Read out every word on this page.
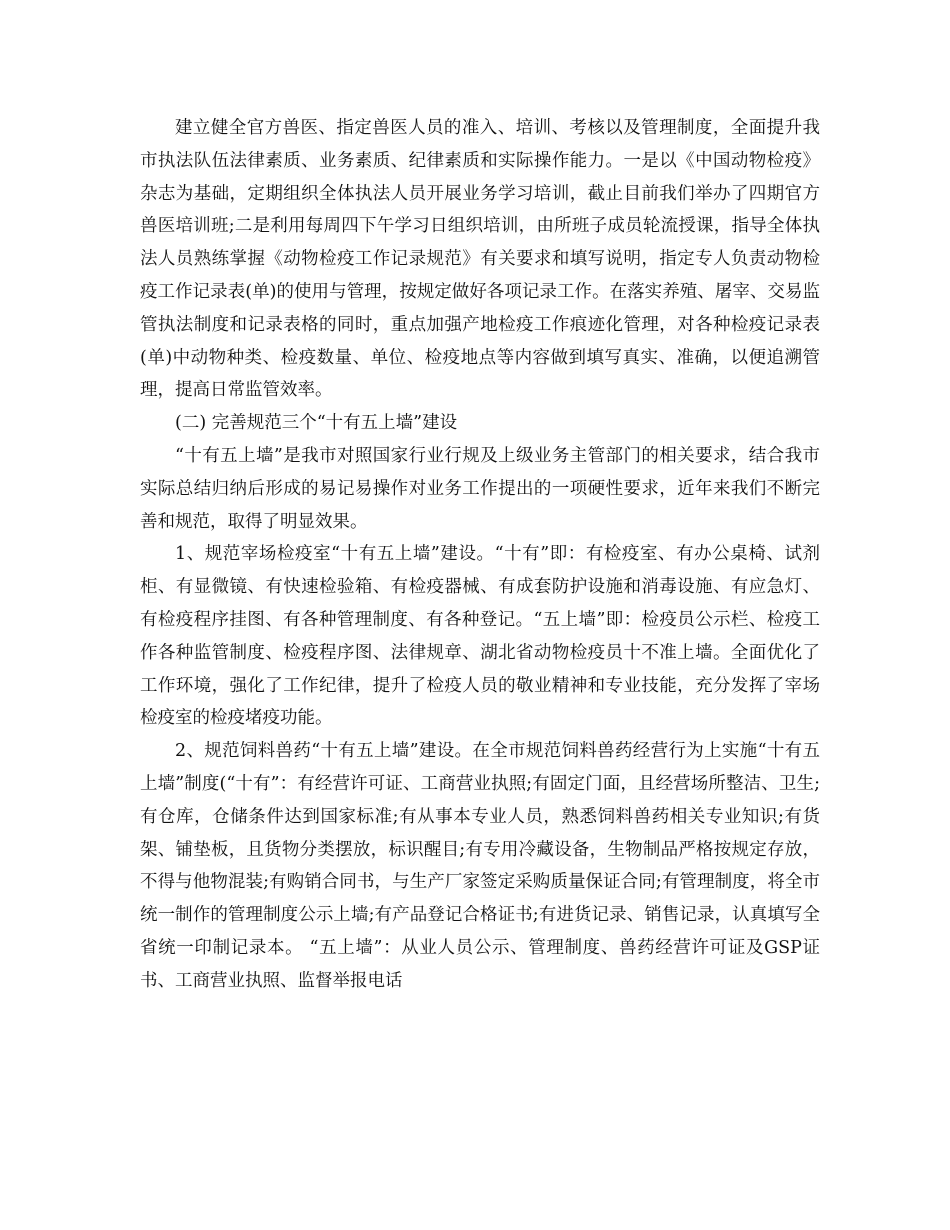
建立健全官方兽医、指定兽医人员的准入、培训、考核以及管理制度，全面提升我市执法队伍法律素质、业务素质、纪律素质和实际操作能力。一是以《中国动物检疫》杂志为基础，定期组织全体执法人员开展业务学习培训，截止目前我们举办了四期官方兽医培训班;二是利用每周四下午学习日组织培训，由所班子成员轮流授课，指导全体执法人员熟练掌握《动物检疫工作记录规范》有关要求和填写说明，指定专人负责动物检疫工作记录表(单)的使用与管理，按规定做好各项记录工作。在落实养殖、屠宰、交易监管执法制度和记录表格的同时，重点加强产地检疫工作痕迹化管理，对各种检疫记录表(单)中动物种类、检疫数量、单位、检疫地点等内容做到填写真实、准确，以便追溯管理，提高日常监管效率。

(二) 完善规范三个“十有五上墙”建设

“十有五上墙”是我市对照国家行业行规及上级业务主管部门的相关要求，结合我市实际总结归纳后形成的易记易操作对业务工作提出的一项硬性要求，近年来我们不断完善和规范，取得了明显效果。

1、规范宰场检疫室“十有五上墙”建设。“十有”即：有检疫室、有办公桌椅、试剂柜、有显微镜、有快速检验箱、有检疫器械、有成套防护设施和消毒设施、有应急灯、有检疫程序挂图、有各种管理制度、有各种登记。“五上墙”即：检疫员公示栏、检疫工作各种监管制度、检疫程序图、法律规章、湖北省动物检疫员十不准上墙。全面优化了工作环境，强化了工作纪律，提升了检疫人员的敬业精神和专业技能，充分发挥了宰场检疫室的检疫堵疫功能。

2、规范饲料兽药“十有五上墙”建设。在全市规范饲料兽药经营行为上实施“十有五上墙”制度(“十有”：有经营许可证、工商营业执照;有固定门面，且经营场所整洁、卫生;有仓库，仓储条件达到国家标准;有从事本专业人员，熟悉饲料兽药相关专业知识;有货架、铺垫板，且货物分类摆放，标识醒目;有专用冷藏设备，生物制品严格按规定存放，不得与他物混装;有购销合同书，与生产厂家签定采购质量保证合同;有管理制度，将全市统一制作的管理制度公示上墙;有产品登记合格证书;有进货记录、销售记录，认真填写全省统一印制记录本。 “五上墙”：从业人员公示、管理制度、兽药经营许可证及GSP证书、工商营业执照、监督举报电话
